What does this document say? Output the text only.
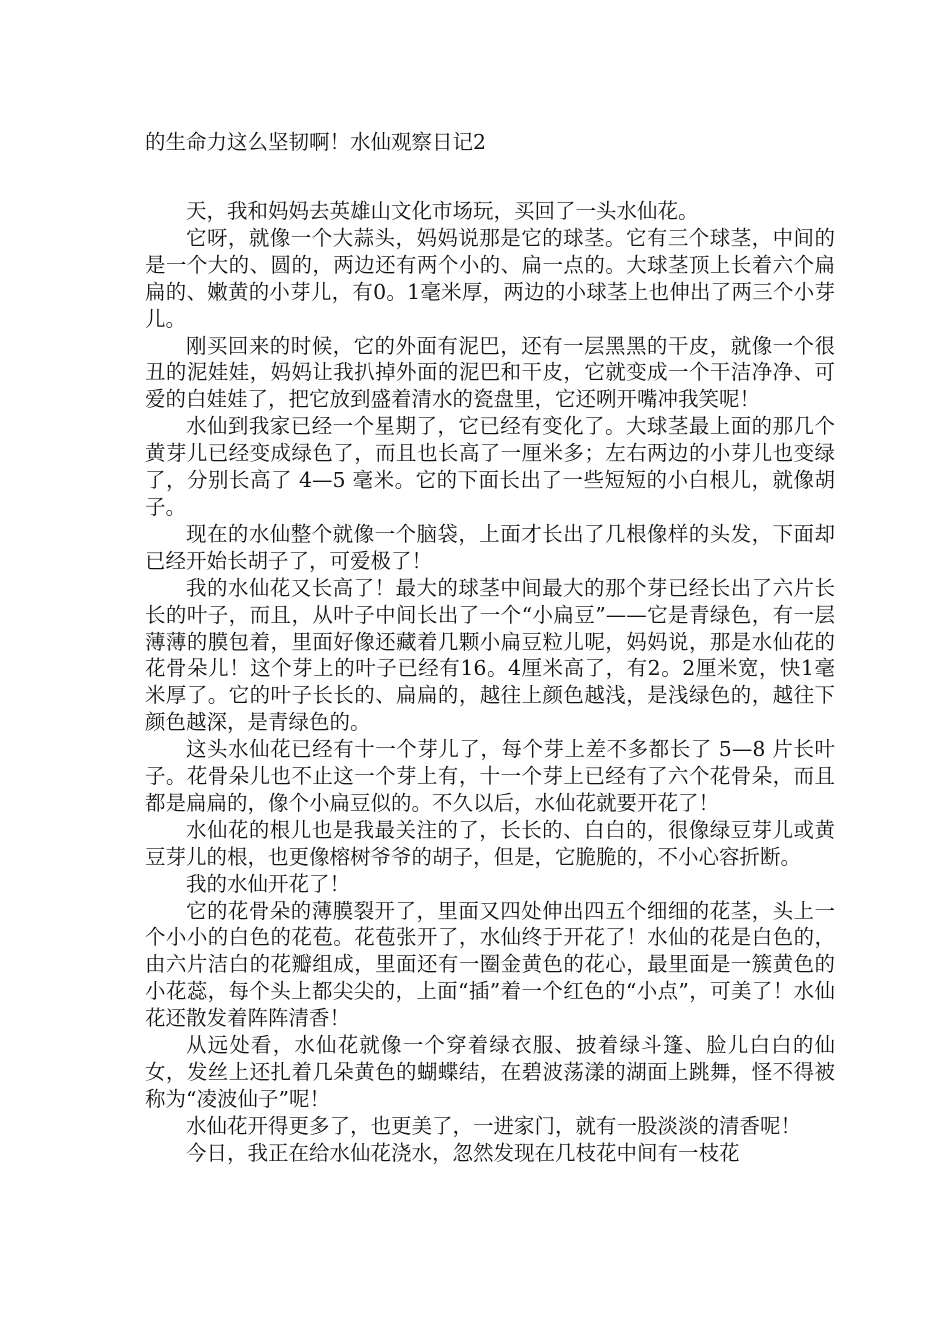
的生命力这么坚韧啊！水仙观察日记2

天，我和妈妈去英雄山文化市场玩，买回了一头水仙花。

它呀，就像一个大蒜头，妈妈说那是它的球茎。它有三个球茎，中间的是一个大的、圆的，两边还有两个小的、扁一点的。大球茎顶上长着六个扁扁的、嫩黄的小芽儿，有0。1毫米厚，两边的小球茎上也伸出了两三个小芽儿。

刚买回来的时候，它的外面有泥巴，还有一层黑黑的干皮，就像一个很丑的泥娃娃，妈妈让我扒掉外面的泥巴和干皮，它就变成一个干洁净净、可爱的白娃娃了，把它放到盛着清水的瓷盘里，它还咧开嘴冲我笑呢！

水仙到我家已经一个星期了，它已经有变化了。大球茎最上面的那几个黄芽儿已经变成绿色了，而且也长高了一厘米多；左右两边的小芽儿也变绿了，分别长高了 4—5 毫米。它的下面长出了一些短短的小白根儿，就像胡子。

现在的水仙整个就像一个脑袋，上面才长出了几根像样的头发，下面却已经开始长胡子了，可爱极了！

我的水仙花又长高了！最大的球茎中间最大的那个芽已经长出了六片长长的叶子，而且，从叶子中间长出了一个“小扁豆”——它是青绿色，有一层薄薄的膜包着，里面好像还藏着几颗小扁豆粒儿呢，妈妈说，那是水仙花的花骨朵儿！这个芽上的叶子已经有16。4厘米高了，有2。2厘米宽，快1毫米厚了。它的叶子长长的、扁扁的，越往上颜色越浅，是浅绿色的，越往下颜色越深，是青绿色的。

这头水仙花已经有十一个芽儿了，每个芽上差不多都长了 5—8 片长叶子。花骨朵儿也不止这一个芽上有，十一个芽上已经有了六个花骨朵，而且都是扁扁的，像个小扁豆似的。不久以后，水仙花就要开花了！

水仙花的根儿也是我最关注的了，长长的、白白的，很像绿豆芽儿或黄豆芽儿的根，也更像榕树爷爷的胡子，但是，它脆脆的，不小心容折断。

我的水仙开花了！

它的花骨朵的薄膜裂开了，里面又四处伸出四五个细细的花茎，头上一个小小的白色的花苞。花苞张开了，水仙终于开花了！水仙的花是白色的，由六片洁白的花瓣组成，里面还有一圈金黄色的花心，最里面是一簇黄色的小花蕊，每个头上都尖尖的，上面“插”着一个红色的“小点”，可美了！水仙花还散发着阵阵清香！

从远处看，水仙花就像一个穿着绿衣服、披着绿斗篷、脸儿白白的仙女，发丝上还扎着几朵黄色的蝴蝶结，在碧波荡漾的湖面上跳舞，怪不得被称为“凌波仙子”呢！

水仙花开得更多了，也更美了，一进家门，就有一股淡淡的清香呢！

今日，我正在给水仙花浇水，忽然发现在几枝花中间有一枝花
